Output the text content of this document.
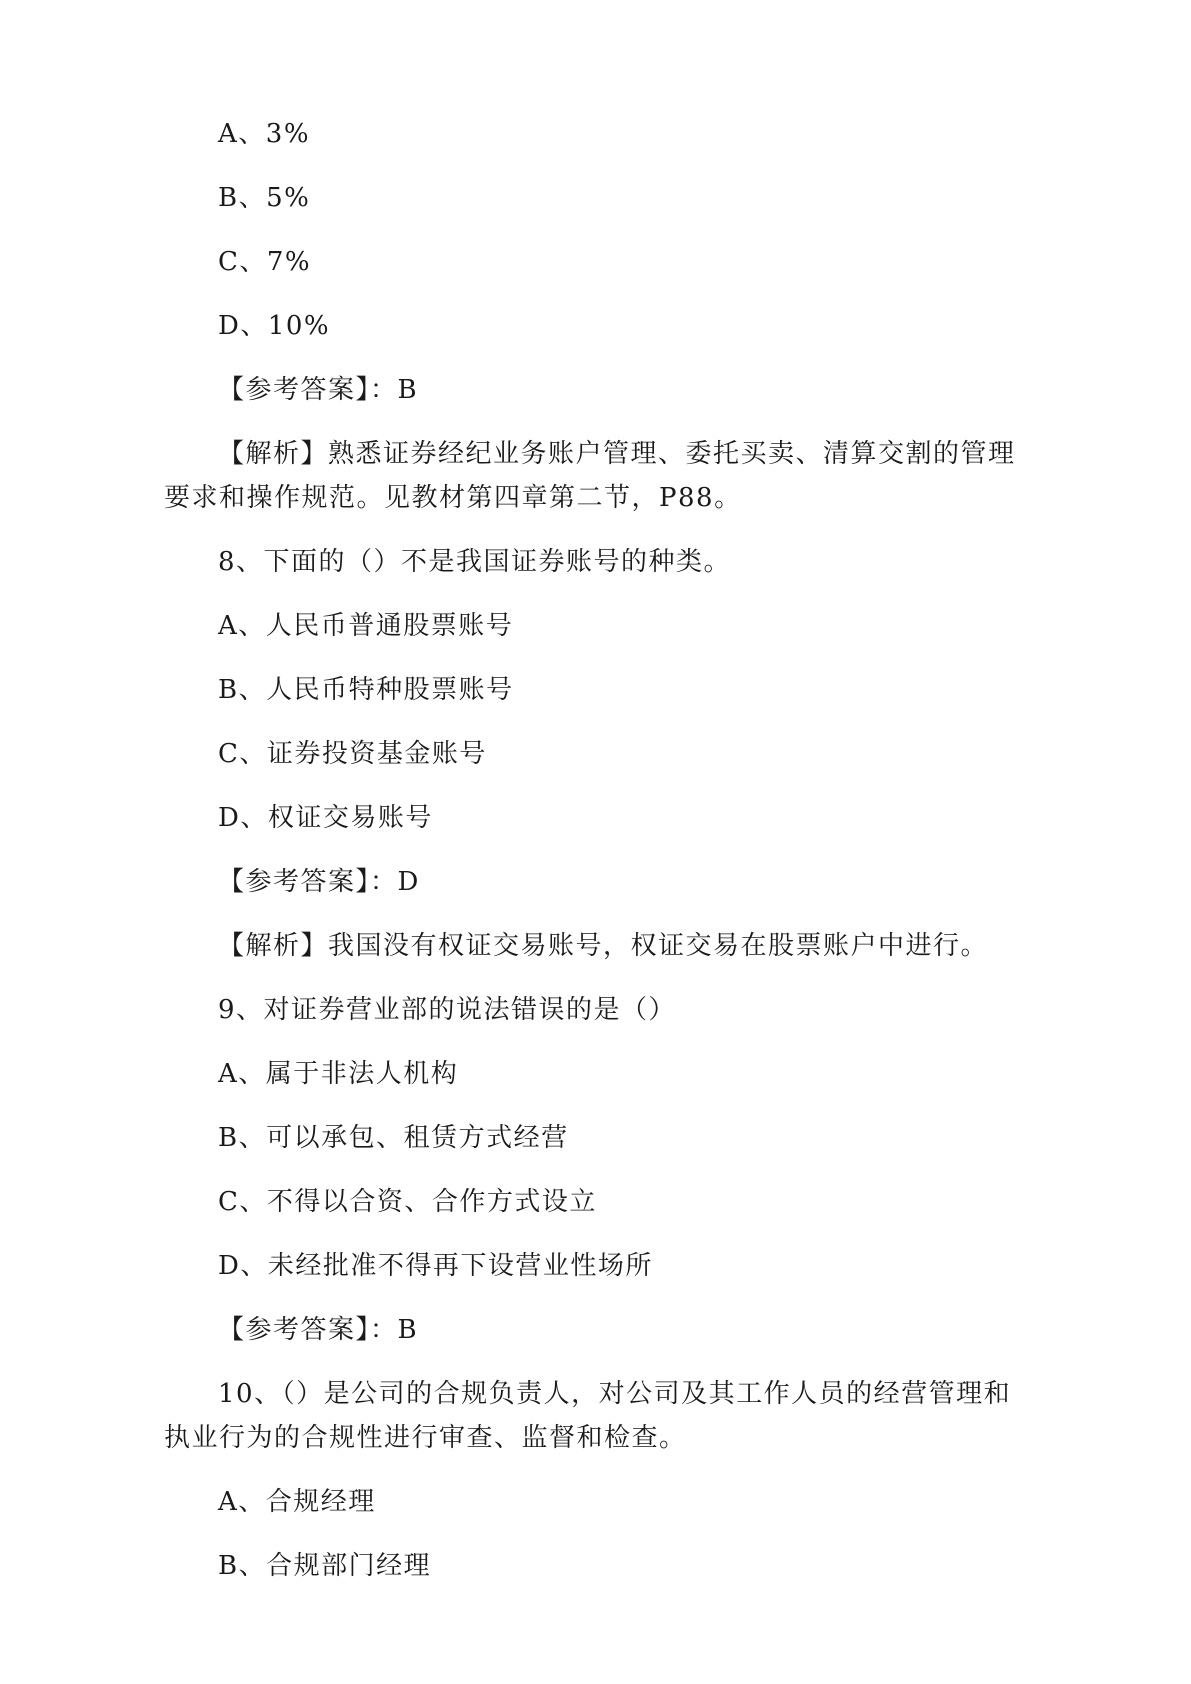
A、3%
B、5%
C、7%
D、10%
【参考答案】：B
【解析】熟悉证券经纪业务账户管理、委托买卖、清算交割的管理
要求和操作规范。见教材第四章第二节，P88。
8、下面的（）不是我国证券账号的种类。
A、人民币普通股票账号
B、人民币特种股票账号
C、证券投资基金账号
D、权证交易账号
【参考答案】：D
【解析】我国没有权证交易账号，权证交易在股票账户中进行。
9、对证券营业部的说法错误的是（）
A、属于非法人机构
B、可以承包、租赁方式经营
C、不得以合资、合作方式设立
D、未经批准不得再下设营业性场所
【参考答案】：B
10、（）是公司的合规负责人，对公司及其工作人员的经营管理和
执业行为的合规性进行审查、监督和检查。
A、合规经理
B、合规部门经理
